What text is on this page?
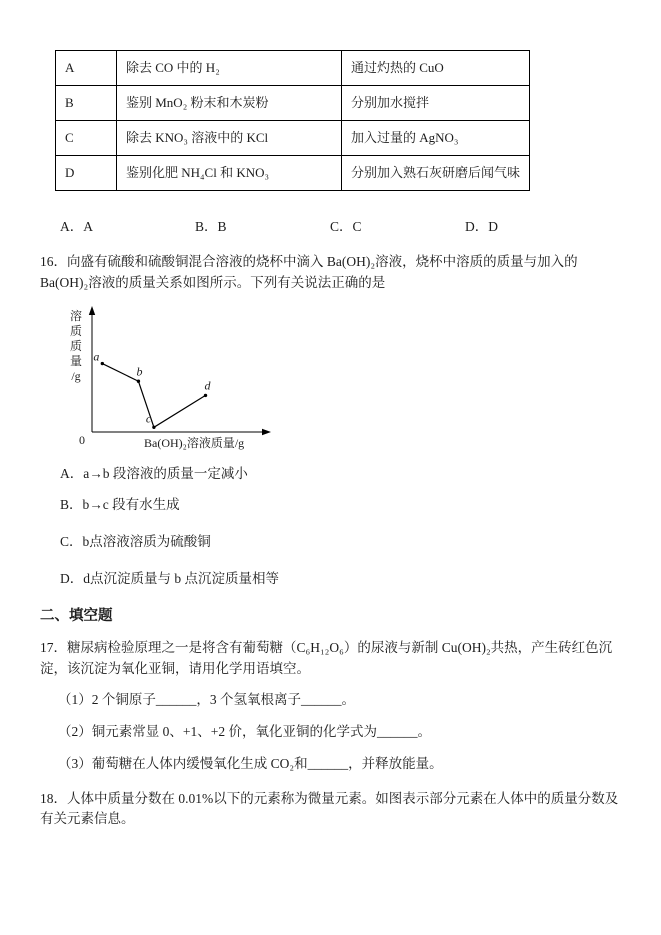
A	除去 CO 中的 H₂	通过灼热的 CuO
B	鉴别 MnO₂ 粉末和木炭粉	分别加水搅拌
C	除去 KNO₃ 溶液中的 KCl	加入过量的 AgNO₃
D	鉴别化肥 NH₄Cl 和 KNO₃	分别加入熟石灰研磨后闻气味
A．A	B．B	C．C	D．D

16．向盛有硫酸和硫酸铜混合溶液的烧杯中滴入 Ba(OH)₂溶液，烧杯中溶质的质量与加入的 Ba(OH)₂溶液的质量关系如图所示。下列有关说法正确的是

a
b
c
d
0	Ba(OH)₂溶液质量/g
溶
质
质
量
/g

A．a→b 段溶液的质量一定减小

B．b→c 段有水生成

C．b点溶液溶质为硫酸铜

D．d点沉淀质量与 b 点沉淀质量相等

二、填空题

17．糖尿病检验原理之一是将含有葡萄糖（C₆H₁₂O₆）的尿液与新制 Cu(OH)₂共热，产生砖红色沉淀，该沉淀为氧化亚铜，请用化学用语填空。

（1）2 个铜原子______，3 个氢氧根离子______。

（2）铜元素常显 0、+1、+2 价，氧化亚铜的化学式为______。

（3）葡萄糖在人体内缓慢氧化生成 CO₂和______，并释放能量。

18．人体中质量分数在 0.01%以下的元素称为微量元素。如图表示部分元素在人体中的质量分数及有关元素信息。
